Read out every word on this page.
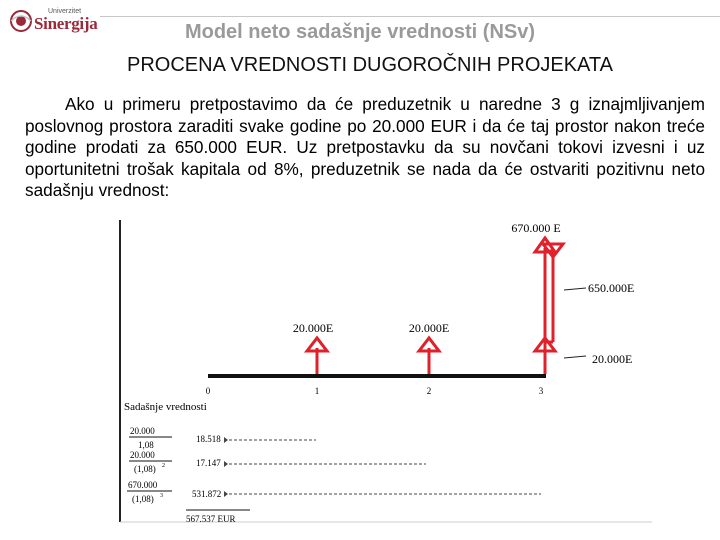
Univerzitet
Sinergija	Model neto sadašnje vrednosti (NSv)
PROCENA VREDNOSTI DUGOROČNIH PROJEKATA
Ako u primeru pretpostavimo da će preduzetnik u naredne 3 g iznajmljivanjem poslovnog prostora zaraditi svake godine po 20.000 EUR i da će taj prostor nakon treće godine prodati za 650.000 EUR. Uz pretpostavku da su novčani tokovi izvesni i uz oportunitetni trošak kapitala od 8%, preduzetnik se nada da će ostvariti pozitivnu neto sadašnju vrednost:
0	1	2	3
20.000E	20.000E
670.000 E
650.000E
20.000E
Sadašnje vrednosti
20.000
1,08
18.518
20.000
(1,08) 2	17.147
670.000
(1,08) 3	531.872
567.537 EUR
